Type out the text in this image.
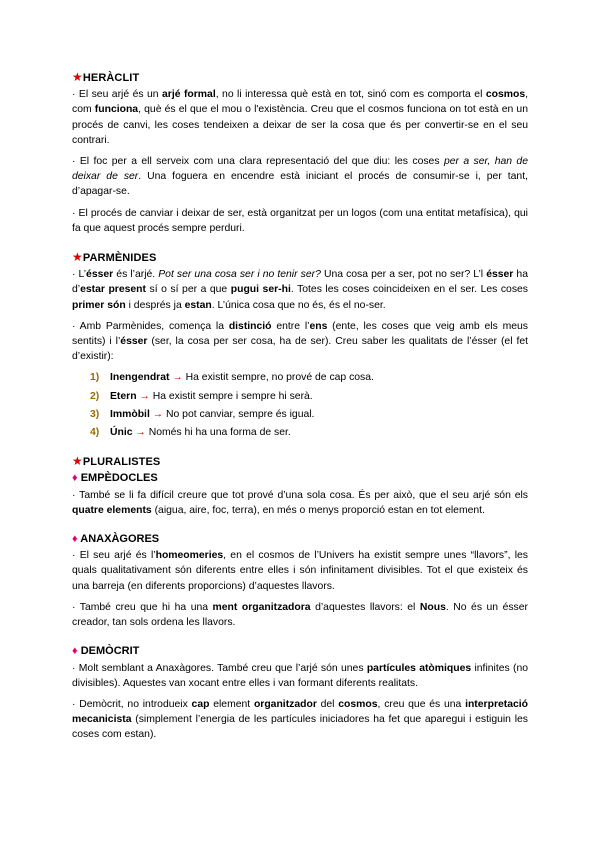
★HERÀCLIT

· El seu arjé és un arjé formal, no li interessa què està en tot, sinó com es comporta el cosmos, com funciona, què és el que el mou o l'existència. Creu que el cosmos funciona on tot està en un procés de canvi, les coses tendeixen a deixar de ser la cosa que és per convertir-se en el seu contrari.

· El foc per a ell serveix com una clara representació del que diu: les coses per a ser, han de deixar de ser. Una foguera en encendre està iniciant el procés de consumir-se i, per tant, d’apagar-se.

· El procés de canviar i deixar de ser, està organitzat per un logos (com una entitat metafísica), qui fa que aquest procés sempre perduri.

★PARMÈNIDES

· L’ésser és l’arjé. Pot ser una cosa ser i no tenir ser? Una cosa per a ser, pot no ser? L’l ésser ha d’estar present sí o sí per a que pugui ser-hi. Totes les coses coincideixen en el ser. Les coses primer són i després ja estan. L’única cosa que no és, és el no-ser.

· Amb Parmènides, comença la distinció entre l’ens (ente, les coses que veig amb els meus sentits) i l’ésser (ser, la cosa per ser cosa, ha de ser). Creu saber les qualitats de l’ésser (el fet d’existir):

1) Inengendrat → Ha existit sempre, no prové de cap cosa.
2) Etern → Ha existit sempre i sempre hi serà.
3) Immòbil → No pot canviar, sempre és igual.
4) Únic → Només hi ha una forma de ser.
★PLURALISTES
♦ EMPÈDOCLES

· També se li fa difícil creure que tot prové d’una sola cosa. És per això, que el seu arjé són els quatre elements (aigua, aire, foc, terra), en més o menys proporció estan en tot element.

♦ ANAXÀGORES

· El seu arjé és l’homeomeries, en el cosmos de l’Univers ha existit sempre unes “llavors”, les quals qualitativament són diferents entre elles i són infinitament divisibles. Tot el que existeix és una barreja (en diferents proporcions) d’aquestes llavors.

· També creu que hi ha una ment organitzadora d’aquestes llavors: el Nous. No és un ésser creador, tan sols ordena les llavors.

♦ DEMÒCRIT

· Molt semblant a Anaxàgores. També creu que l’arjé són unes partícules atòmiques infinites (no divisibles). Aquestes van xocant entre elles i van formant diferents realitats.

· Demòcrit, no introdueix cap element organitzador del cosmos, creu que és una interpretació mecanicista (simplement l’energia de les partícules iniciadores ha fet que aparegui i estiguin les coses com estan).
